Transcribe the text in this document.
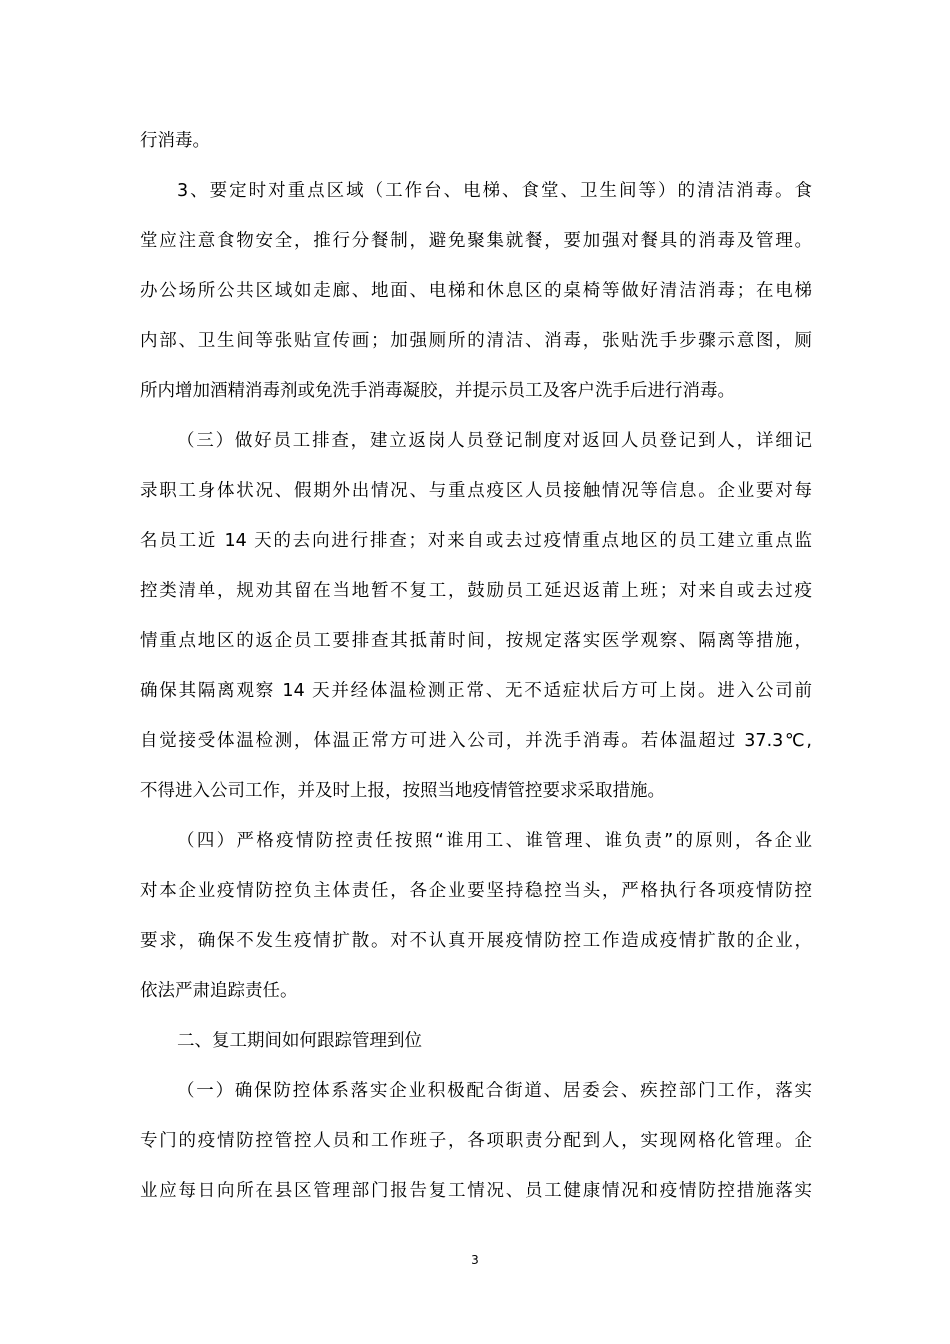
行消毒。
3、要定时对重点区域（工作台、电梯、食堂、卫生间等）的清洁消毒。食
堂应注意食物安全，推行分餐制，避免聚集就餐，要加强对餐具的消毒及管理。
办公场所公共区域如走廊、地面、电梯和休息区的桌椅等做好清洁消毒；在电梯
内部、卫生间等张贴宣传画；加强厕所的清洁、消毒，张贴洗手步骤示意图，厕
所内增加酒精消毒剂或免洗手消毒凝胶，并提示员工及客户洗手后进行消毒。
（三）做好员工排查，建立返岗人员登记制度对返回人员登记到人，详细记
录职工身体状况、假期外出情况、与重点疫区人员接触情况等信息。企业要对每
名员工近 14 天的去向进行排查；对来自或去过疫情重点地区的员工建立重点监
控类清单，规劝其留在当地暂不复工，鼓励员工延迟返莆上班；对来自或去过疫
情重点地区的返企员工要排查其抵莆时间，按规定落实医学观察、隔离等措施，
确保其隔离观察 14 天并经体温检测正常、无不适症状后方可上岗。进入公司前
自觉接受体温检测，体温正常方可进入公司，并洗手消毒。若体温超过 37.3℃,
不得进入公司工作，并及时上报，按照当地疫情管控要求采取措施。
（四）严格疫情防控责任按照“谁用工、谁管理、谁负责”的原则，各企业
对本企业疫情防控负主体责任，各企业要坚持稳控当头，严格执行各项疫情防控
要求，确保不发生疫情扩散。对不认真开展疫情防控工作造成疫情扩散的企业，
依法严肃追踪责任。
二、复工期间如何跟踪管理到位
（一）确保防控体系落实企业积极配合街道、居委会、疾控部门工作，落实
专门的疫情防控管控人员和工作班子，各项职责分配到人，实现网格化管理。企
业应每日向所在县区管理部门报告复工情况、员工健康情况和疫情防控措施落实
3
